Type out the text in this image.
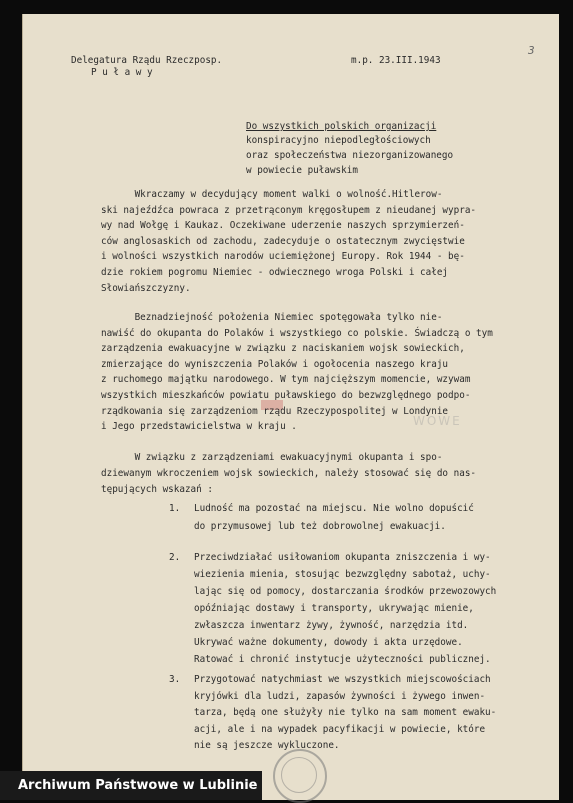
3
Delegatura Rządu Rzeczposp.
P u ł a w y
m.p. 23.III.1943
Do wszystkich polskich organizacji
konspiracyjno niepodległościowych
oraz społeczeństwa niezorganizowanego
w powiecie puławskim
WOWE
Wkraczamy w decydujący moment walki o wolność.Hitlerow-
ski najeźdźca powraca z przetrąconym kręgosłupem z nieudanej wypra-
wy nad Wołgę i Kaukaz. Oczekiwane uderzenie naszych sprzymierzeń-
ców anglosaskich od zachodu, zadecyduje o ostatecznym zwycięstwie
i wolności wszystkich narodów uciemiężonej Europy. Rok 1944 - bę-
dzie rokiem pogromu Niemiec - odwiecznego wroga Polski i całej
Słowiańszczyzny.
Beznadziejność położenia Niemiec spotęgowała tylko nie-
nawiść do okupanta do Polaków i wszystkiego co polskie. Świadczą o tym
zarządzenia ewakuacyjne w związku z naciskaniem wojsk sowieckich,
zmierzające do wyniszczenia Polaków i ogołocenia naszego kraju
z ruchomego majątku narodowego. W tym najcięższym momencie, wzywam
wszystkich mieszkańców powiatu puławskiego do bezwzględnego podpo-
rządkowania się zarządzeniom rządu Rzeczypospolitej w Londynie
i Jego przedstawicielstwa w kraju .
W związku z zarządzeniami ewakuacyjnymi okupanta i spo-
dziewanym wkroczeniem wojsk sowieckich, należy stosować się do nas-
tępujących wskazań :
1. Ludność ma pozostać na miejscu. Nie wolno dopuścić
do przymusowej lub też dobrowolnej ewakuacji.
2. Przeciwdziałać usiłowaniom okupanta zniszczenia i wy-
wiezienia mienia, stosując bezwzględny sabotaż, uchy-
lając się od pomocy, dostarczania środków przewozowych
opóźniając dostawy i transporty, ukrywając mienie,
zwłaszcza inwentarz żywy, żywność, narzędzia itd.
Ukrywać ważne dokumenty, dowody i akta urzędowe.
Ratować i chronić instytucje użyteczności publicznej.
3. Przygotować natychmiast we wszystkich miejscowościach
kryjówki dla ludzi, zapasów żywności i żywego inwen-
tarza, będą one służyły nie tylko na sam moment ewaku-
acji, ale i na wypadek pacyfikacji w powiecie, które
nie są jeszcze wykluczone.
Archiwum Państwowe w Lublinie
